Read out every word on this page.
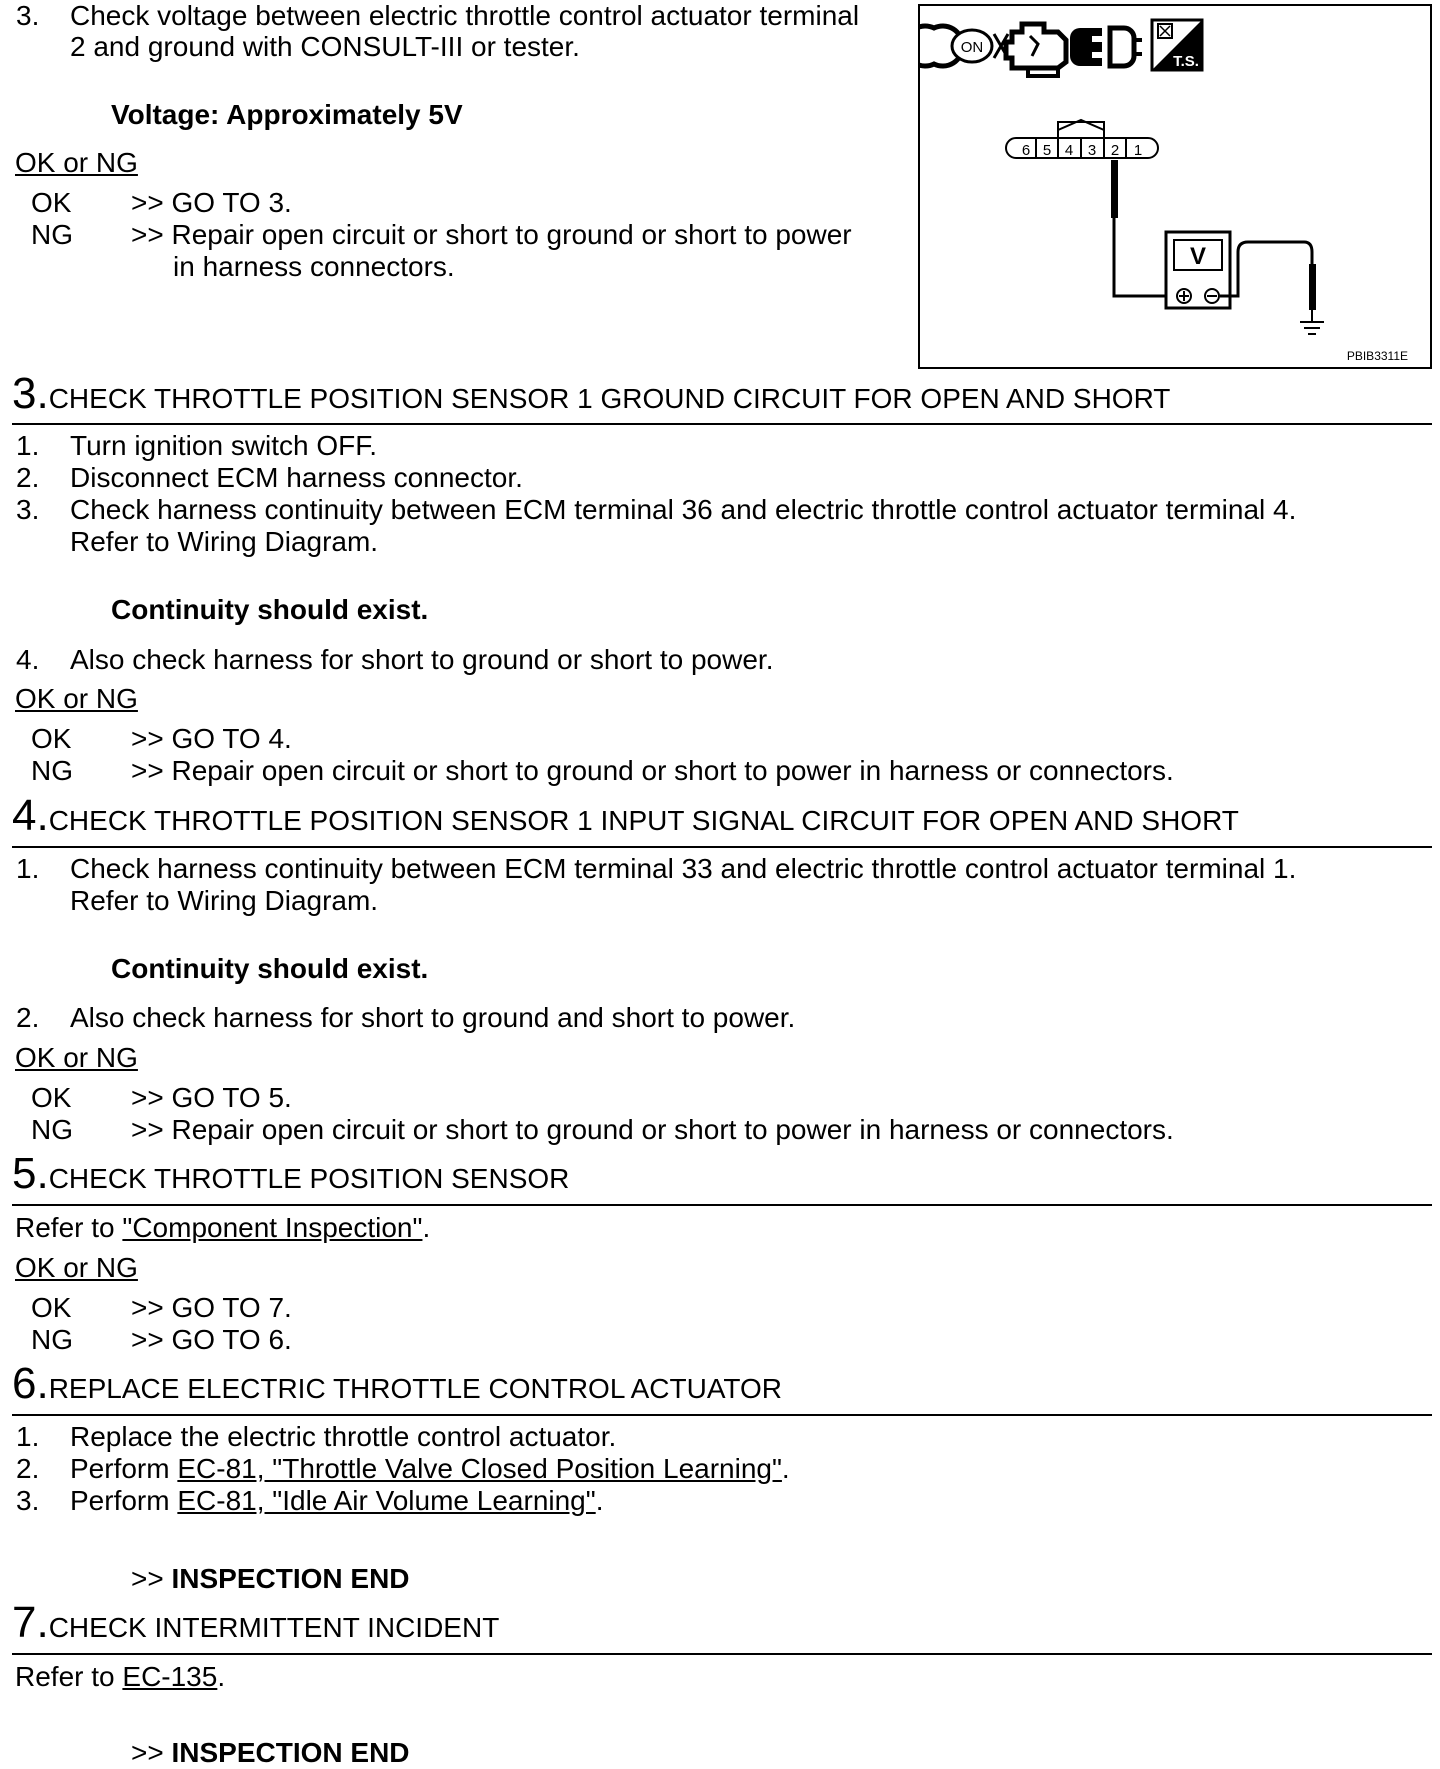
3. Check voltage between electric throttle control actuator terminal
2 and ground with CONSULT-III or tester.
Voltage: Approximately 5V
OK or NG
OK >> GO TO 3.
NG >> Repair open circuit or short to ground or short to power
in harness connectors.
ON
T.S.
6 5 4 3 2 1
V
PBIB3311E
3.CHECK THROTTLE POSITION SENSOR 1 GROUND CIRCUIT FOR OPEN AND SHORT
1. Turn ignition switch OFF.
2. Disconnect ECM harness connector.
3. Check harness continuity between ECM terminal 36 and electric throttle control actuator terminal 4.
Refer to Wiring Diagram.
Continuity should exist.
4. Also check harness for short to ground or short to power.
OK or NG
OK >> GO TO 4.
NG >> Repair open circuit or short to ground or short to power in harness or connectors.
4.CHECK THROTTLE POSITION SENSOR 1 INPUT SIGNAL CIRCUIT FOR OPEN AND SHORT
1. Check harness continuity between ECM terminal 33 and electric throttle control actuator terminal 1.
Refer to Wiring Diagram.
Continuity should exist.
2. Also check harness for short to ground and short to power.
OK or NG
OK >> GO TO 5.
NG >> Repair open circuit or short to ground or short to power in harness or connectors.
5.CHECK THROTTLE POSITION SENSOR
Refer to "Component Inspection".
OK or NG
OK >> GO TO 7.
NG >> GO TO 6.
6.REPLACE ELECTRIC THROTTLE CONTROL ACTUATOR
1. Replace the electric throttle control actuator.
2. Perform EC-81, "Throttle Valve Closed Position Learning".
3. Perform EC-81, "Idle Air Volume Learning".
>> INSPECTION END
7.CHECK INTERMITTENT INCIDENT
Refer to EC-135.
>> INSPECTION END
